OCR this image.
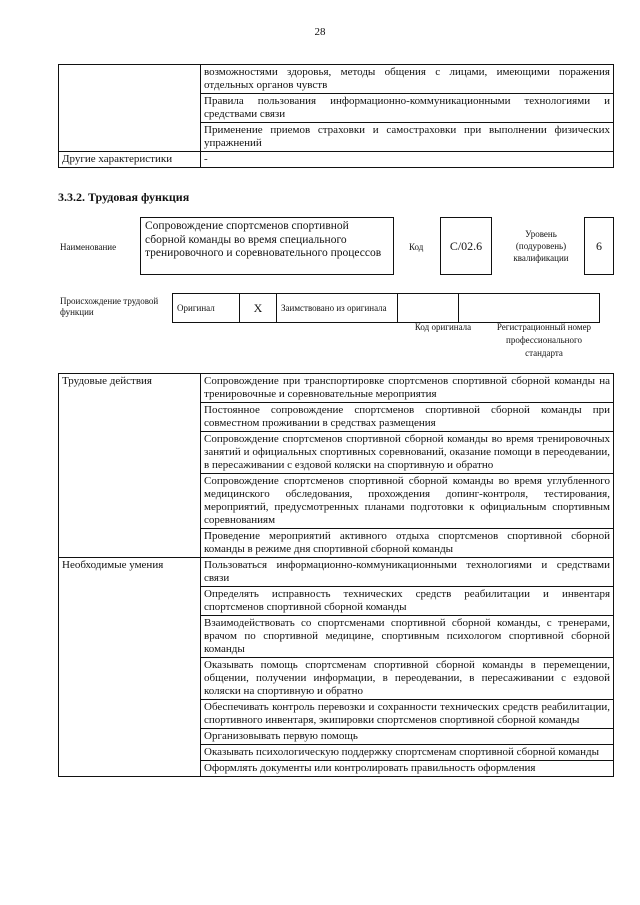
28
	возможностями здоровья, методы общения с лицами, имеющими поражения отдельных органов чувств
	Правила пользования информационно-коммуникационными технологиями и средствами связи
	Применение приемов страховки и самостраховки при выполнении физических упражнений
Другие характеристики	-
3.3.2. Трудовая функция
Наименование
Сопровождение спортсменов спортивной сборной команды во время специального тренировочного и соревновательного процессов	Код	C/02.6
Уровень (подуровень) квалификации
6
Происхождение трудовой функции	Оригинал	X	Заимствовано из оригинала		
Код оригинала	Регистрационный номер профессионального стандарта
Трудовые действия	Сопровождение при транспортировке спортсменов спортивной сборной команды на тренировочные и соревновательные мероприятия
	Постоянное сопровождение спортсменов спортивной сборной команды при совместном проживании в средствах размещения
	Сопровождение спортсменов спортивной сборной команды во время тренировочных занятий и официальных спортивных соревнований, оказание помощи в переодевании, в пересаживании с ездовой коляски на спортивную и обратно
	Сопровождение спортсменов спортивной сборной команды во время углубленного медицинского обследования, прохождения допинг-контроля, тестирования, мероприятий, предусмотренных планами подготовки к официальным спортивным соревнованиям
	Проведение мероприятий активного отдыха спортсменов спортивной сборной команды в режиме дня спортивной сборной команды
Необходимые умения	Пользоваться информационно-коммуникационными технологиями и средствами связи
	Определять исправность технических средств реабилитации и инвентаря спортсменов спортивной сборной команды
	Взаимодействовать со спортсменами спортивной сборной команды, с тренерами, врачом по спортивной медицине, спортивным психологом спортивной сборной команды
	Оказывать помощь спортсменам спортивной сборной команды в перемещении, общении, получении информации, в переодевании, в пересаживании с ездовой коляски на спортивную и обратно
	Обеспечивать контроль перевозки и сохранности технических средств реабилитации, спортивного инвентаря, экипировки спортсменов спортивной сборной команды
	Организовывать первую помощь
	Оказывать психологическую поддержку спортсменам спортивной сборной команды
	Оформлять документы или контролировать правильность оформления
